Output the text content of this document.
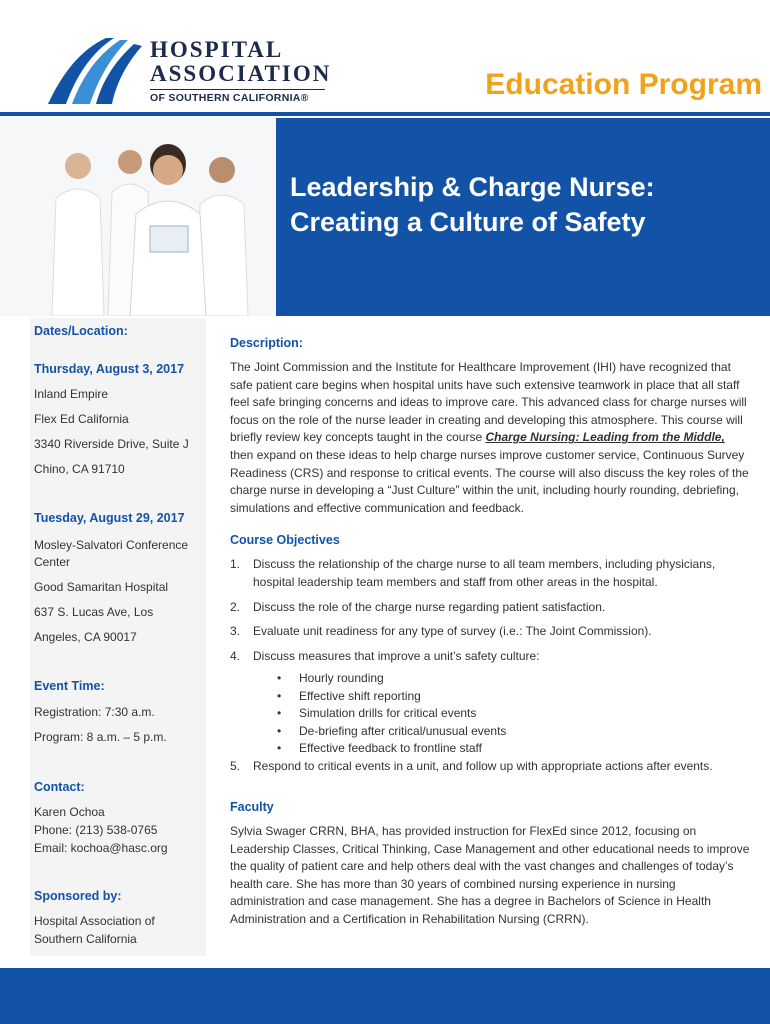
HOSPITAL
ASSOCIATION
OF SOUTHERN CALIFORNIA®	Education Program
Leadership & Charge Nurse:
Creating a Culture of Safety
Dates/Location:
Thursday, August 3, 2017
Inland Empire
Flex Ed California
3340 Riverside Drive, Suite J
Chino, CA 91710
Tuesday, August 29, 2017
Mosley-Salvatori Conference Center
Good Samaritan Hospital
637 S. Lucas Ave, Los
Angeles, CA 90017
Event Time:
Registration: 7:30 a.m.
Program: 8 a.m. – 5 p.m.
Contact:
Karen Ochoa
Phone: (213) 538-0765
Email: kochoa@hasc.org
Sponsored by:
Hospital Association of
Southern California
Description:

The Joint Commission and the Institute for Healthcare Improvement (IHI) have recognized that safe patient care begins when hospital units have such extensive teamwork in place that all staff feel safe bringing concerns and ideas to improve care. This advanced class for charge nurses will focus on the role of the nurse leader in creating and developing this atmosphere. This course will briefly review key concepts taught in the course Charge Nursing: Leading from the Middle, then expand on these ideas to help charge nurses improve customer service, Continuous Survey Readiness (CRS) and response to critical events. The course will also discuss the key roles of the charge nurse in developing a “Just Culture” within the unit, including hourly rounding, debriefing, simulations and effective communication and feedback.

Course Objectives
1. Discuss the relationship of the charge nurse to all team members, including physicians, hospital leadership team members and staff from other areas in the hospital.
2. Discuss the role of the charge nurse regarding patient satisfaction.
3. Evaluate unit readiness for any type of survey (i.e.: The Joint Commission).
4. Discuss measures that improve a unit’s safety culture:
• Hourly rounding
• Effective shift reporting
• Simulation drills for critical events
• De-briefing after critical/unusual events
• Effective feedback to frontline staff
5. Respond to critical events in a unit, and follow up with appropriate actions after events.
Faculty

Sylvia Swager CRRN, BHA, has provided instruction for FlexEd since 2012, focusing on Leadership Classes, Critical Thinking, Case Management and other educational needs to improve the quality of patient care and help others deal with the vast changes and challenges of today’s health care. She has more than 30 years of combined nursing experience in nursing administration and case management. She has a degree in Bachelors of Science in Health Administration and a Certification in Rehabilitation Nursing (CRRN).
